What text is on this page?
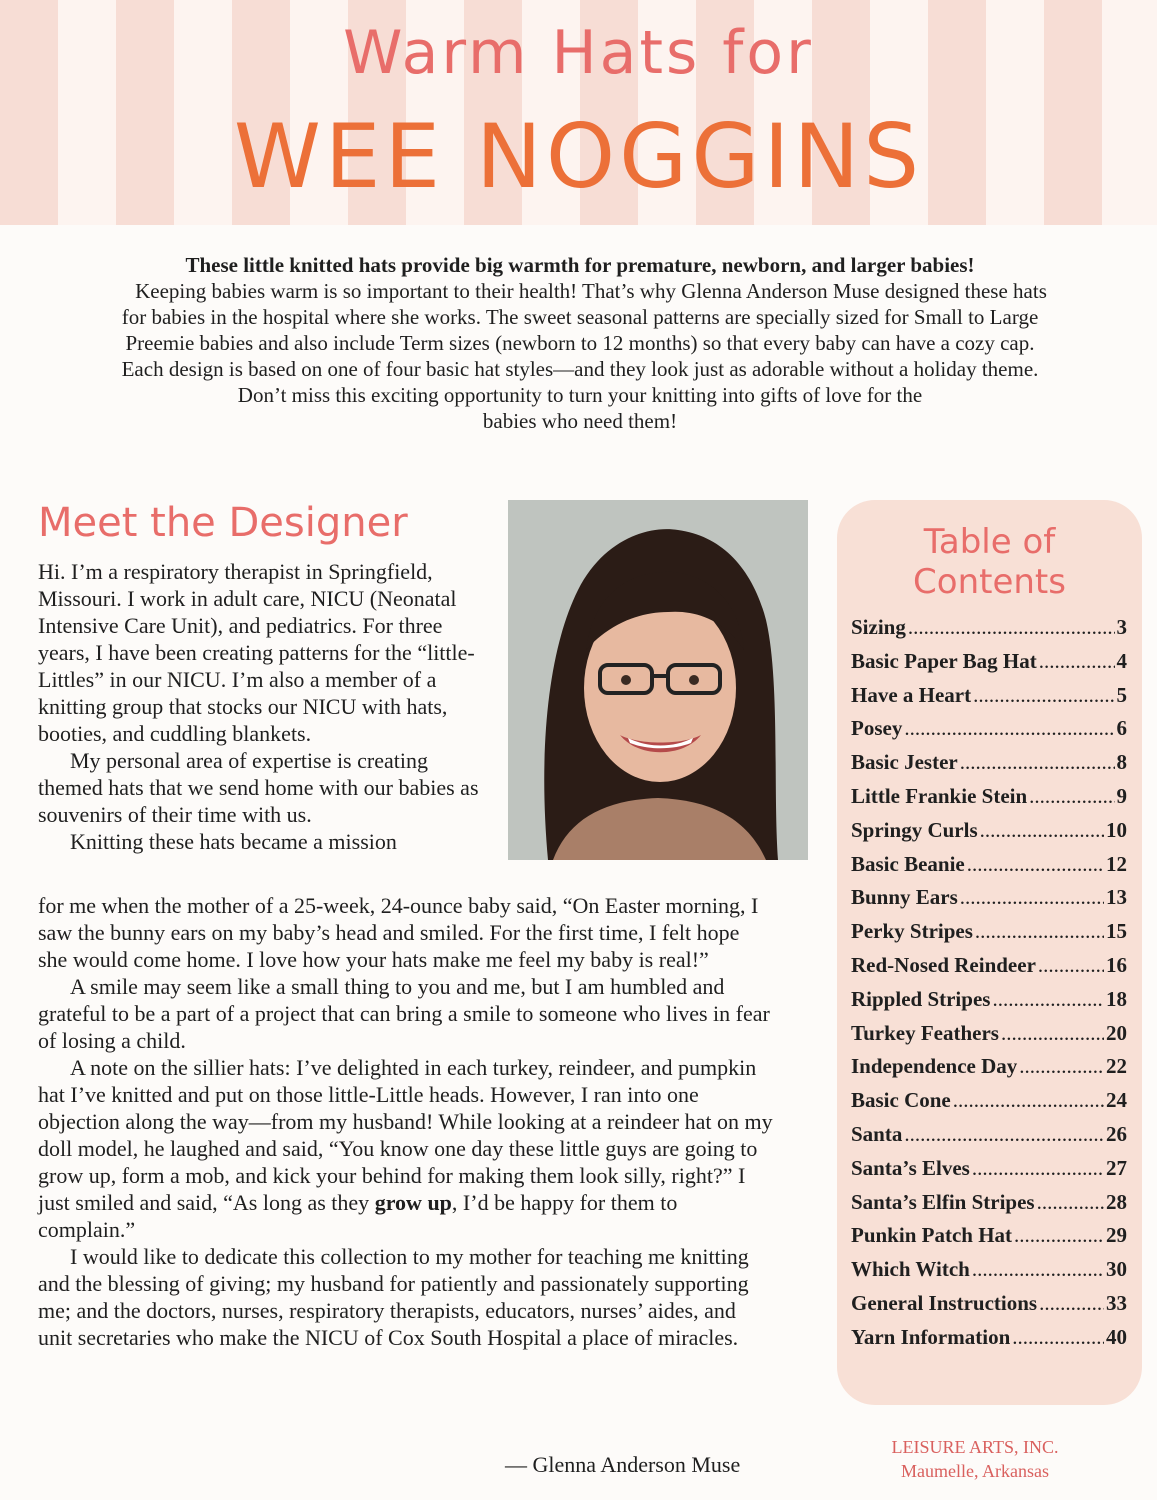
Warm Hats for
WEE NOGGINS
These little knitted hats provide big warmth for premature, newborn, and larger babies!
Keeping babies warm is so important to their health! That’s why Glenna Anderson Muse designed these hats for babies in the hospital where she works. The sweet seasonal patterns are specially sized for Small to Large Preemie babies and also include Term sizes (newborn to 12 months) so that every baby can have a cozy cap. Each design is based on one of four basic hat styles—and they look just as adorable without a holiday theme.
Don’t miss this exciting opportunity to turn your knitting into gifts of love for the babies who need them!
Meet the Designer

Hi. I’m a respiratory therapist in Springfield, Missouri. I work in adult care, NICU (Neonatal Intensive Care Unit), and pediatrics. For three years, I have been creating patterns for the “little-Littles” in our NICU. I’m also a member of a knitting group that stocks our NICU with hats, booties, and cuddling blankets.

My personal area of expertise is creating themed hats that we send home with our babies as souvenirs of their time with us.

Knitting these hats became a mission

for me when the mother of a 25-week, 24-ounce baby said, “On Easter morning, I saw the bunny ears on my baby’s head and smiled. For the first time, I felt hope she would come home. I love how your hats make me feel my baby is real!”

A smile may seem like a small thing to you and me, but I am humbled and grateful to be a part of a project that can bring a smile to someone who lives in fear of losing a child.

A note on the sillier hats: I’ve delighted in each turkey, reindeer, and pumpkin hat I’ve knitted and put on those little-Little heads. However, I ran into one objection along the way—from my husband! While looking at a reindeer hat on my doll model, he laughed and said, “You know one day these little guys are going to grow up, form a mob, and kick your behind for making them look silly, right?” I just smiled and said, “As long as they grow up, I’d be happy for them to complain.”

I would like to dedicate this collection to my mother for teaching me knitting and the blessing of giving; my husband for patiently and passionately supporting me; and the doctors, nurses, respiratory therapists, educators, nurses’ aides, and unit secretaries who make the NICU of Cox South Hospital a place of miracles.

— Glenna Anderson Muse
Table of
Contents
Sizing .....	3
Basic Paper Bag Hat .....	4
Have a Heart .....	5
Posey .....	6
Basic Jester .....	8
Little Frankie Stein .....	9
Springy Curls .....	10
Basic Beanie .....	12
Bunny Ears .....	13
Perky Stripes .....	15
Red-Nosed Reindeer .....	16
Rippled Stripes .....	18
Turkey Feathers .....	20
Independence Day .....	22
Basic Cone .....	24
Santa .....	26
Santa’s Elves .....	27
Santa’s Elfin Stripes .....	28
Punkin Patch Hat .....	29
Which Witch .....	30
General Instructions .....	33
Yarn Information .....	40
LEISURE ARTS, INC.
Maumelle, Arkansas
